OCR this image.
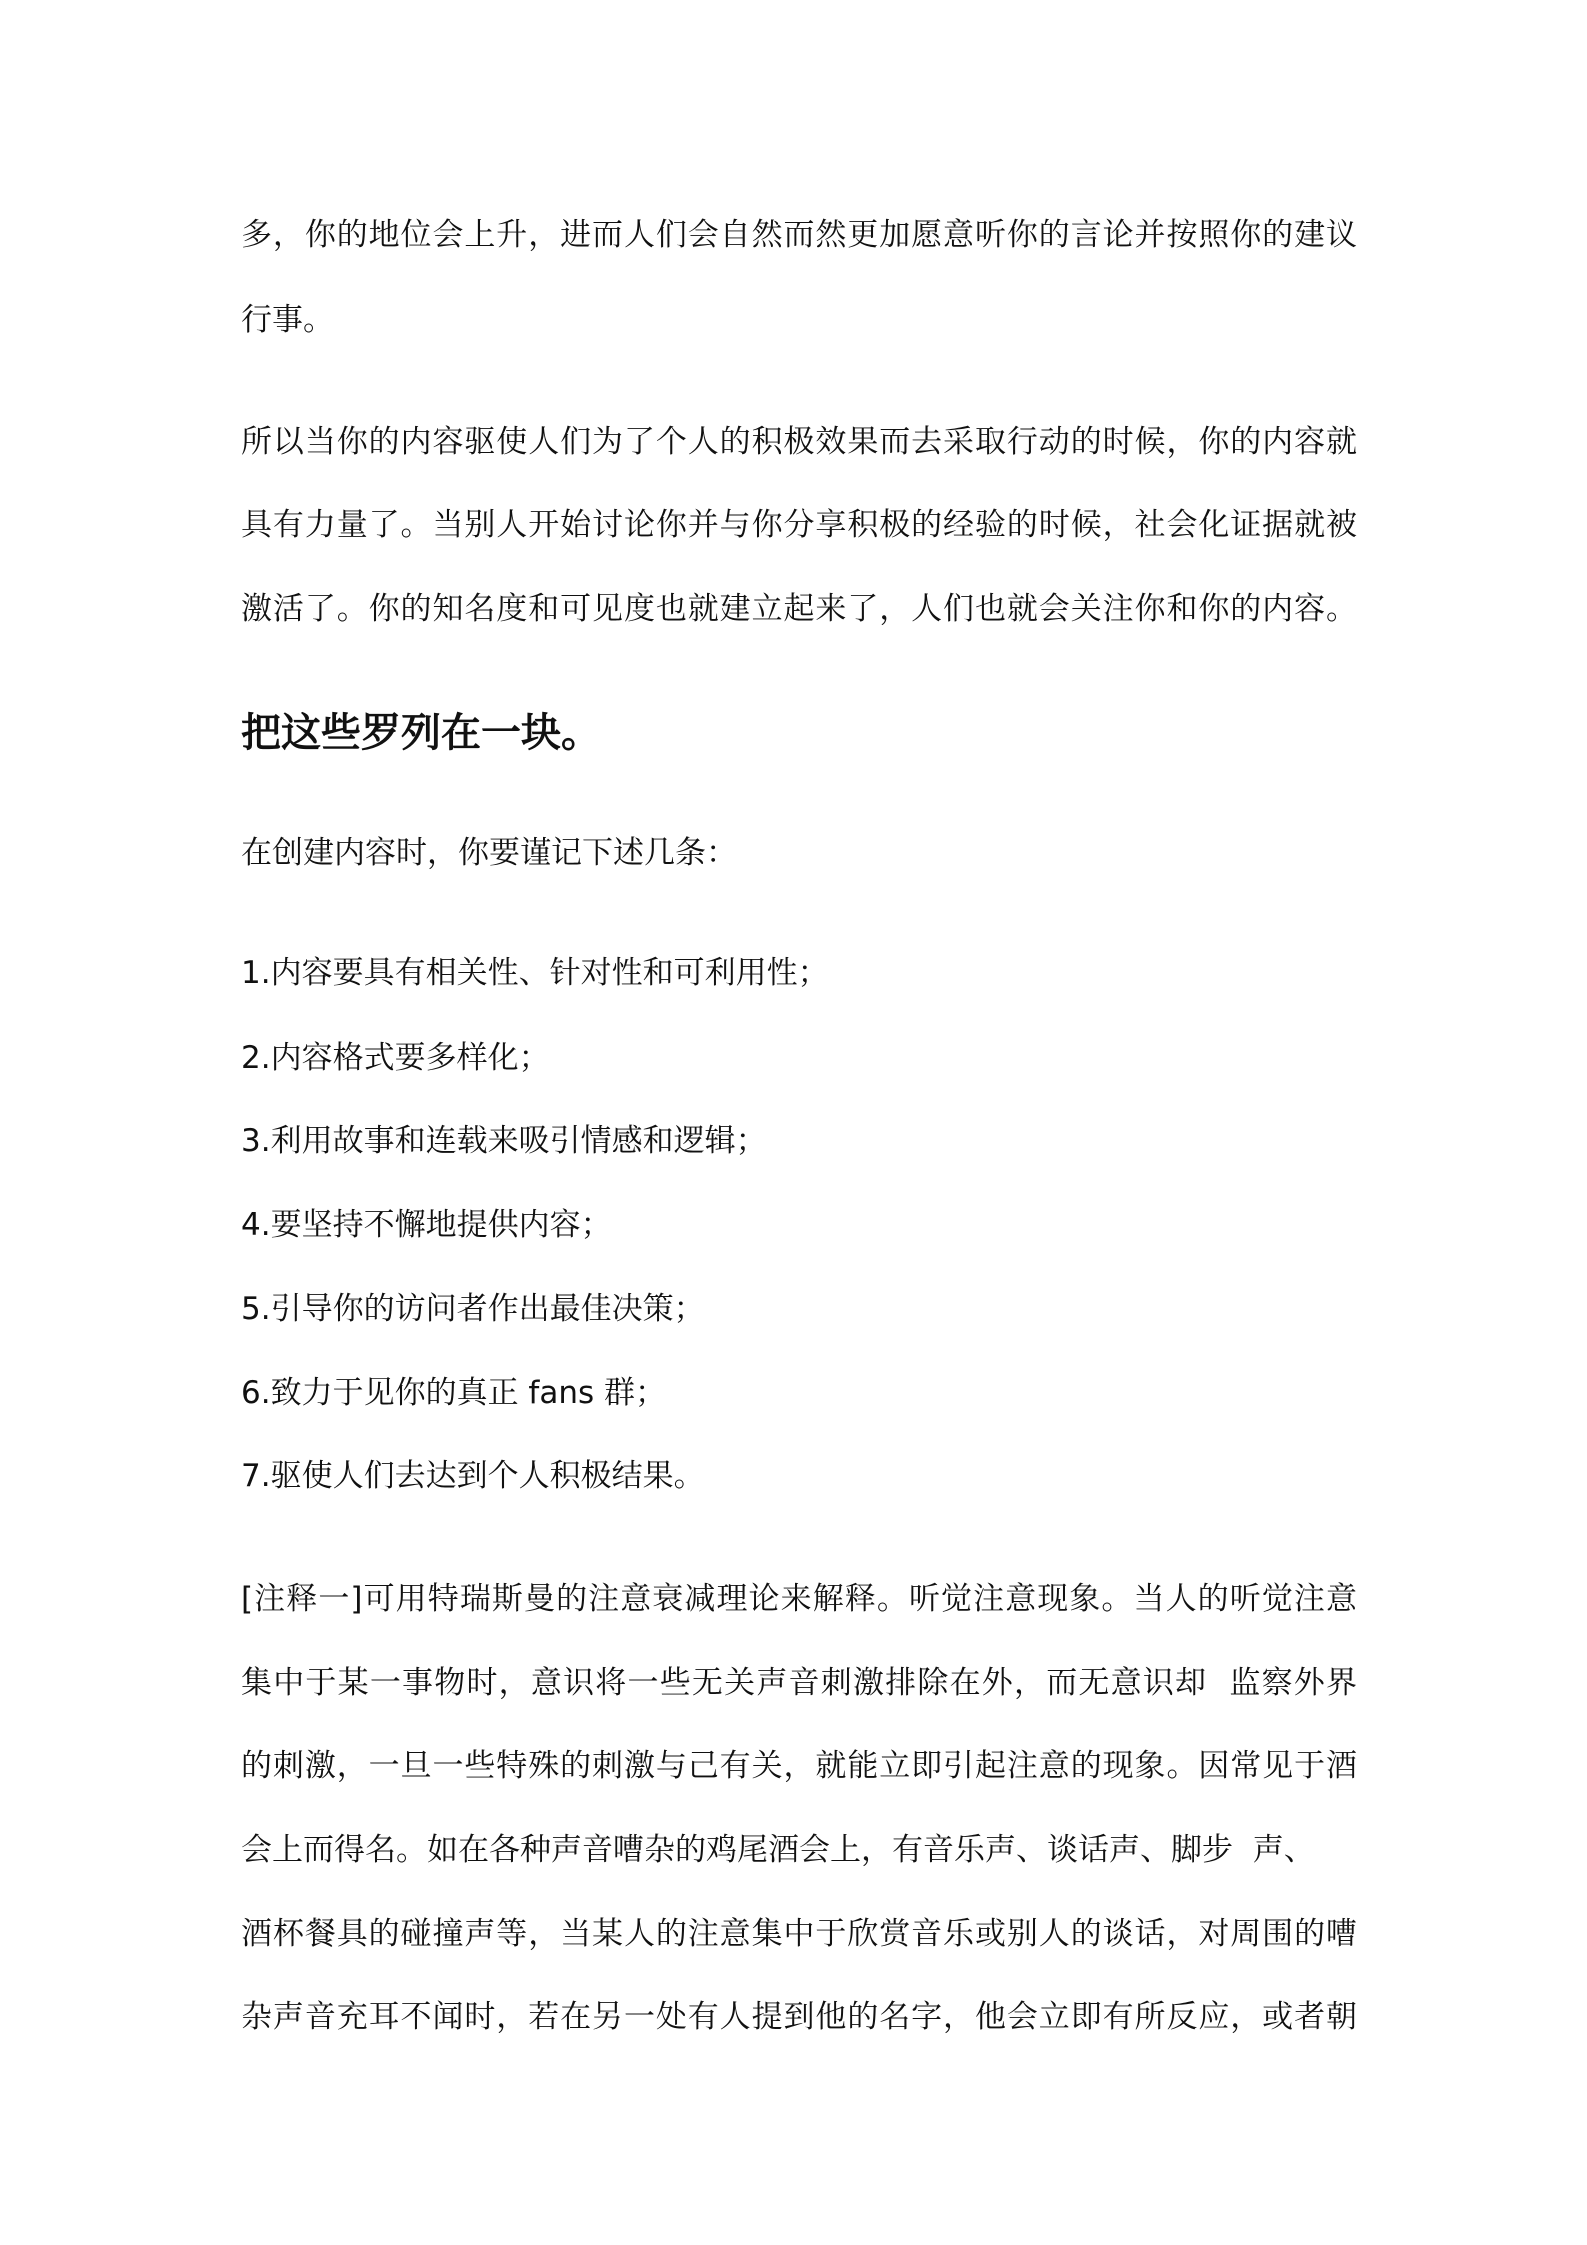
多，你的地位会上升，进而人们会自然而然更加愿意听你的言论并按照你的建议
行事。
所以当你的内容驱使人们为了个人的积极效果而去采取行动的时候，你的内容就
具有力量了。当别人开始讨论你并与你分享积极的经验的时候，社会化证据就被
激活了。你的知名度和可见度也就建立起来了，人们也就会关注你和你的内容。
把这些罗列在一块。
在创建内容时，你要谨记下述几条：
1.内容要具有相关性、针对性和可利用性；
2.内容格式要多样化；
3.利用故事和连载来吸引情感和逻辑；
4.要坚持不懈地提供内容；
5.引导你的访问者作出最佳决策；
6.致力于见你的真正 fans 群；
7.驱使人们去达到个人积极结果。
[注释一]可用特瑞斯曼的注意衰减理论来解释。听觉注意现象。当人的听觉注意
集中于某一事物时，意识将一些无关声音刺激排除在外，而无意识却  监察外界
的刺激，一旦一些特殊的刺激与己有关，就能立即引起注意的现象。因常见于酒
会上而得名。如在各种声音嘈杂的鸡尾酒会上，有音乐声、谈话声、脚步  声、
酒杯餐具的碰撞声等，当某人的注意集中于欣赏音乐或别人的谈话，对周围的嘈
杂声音充耳不闻时，若在另一处有人提到他的名字，他会立即有所反应，或者朝
